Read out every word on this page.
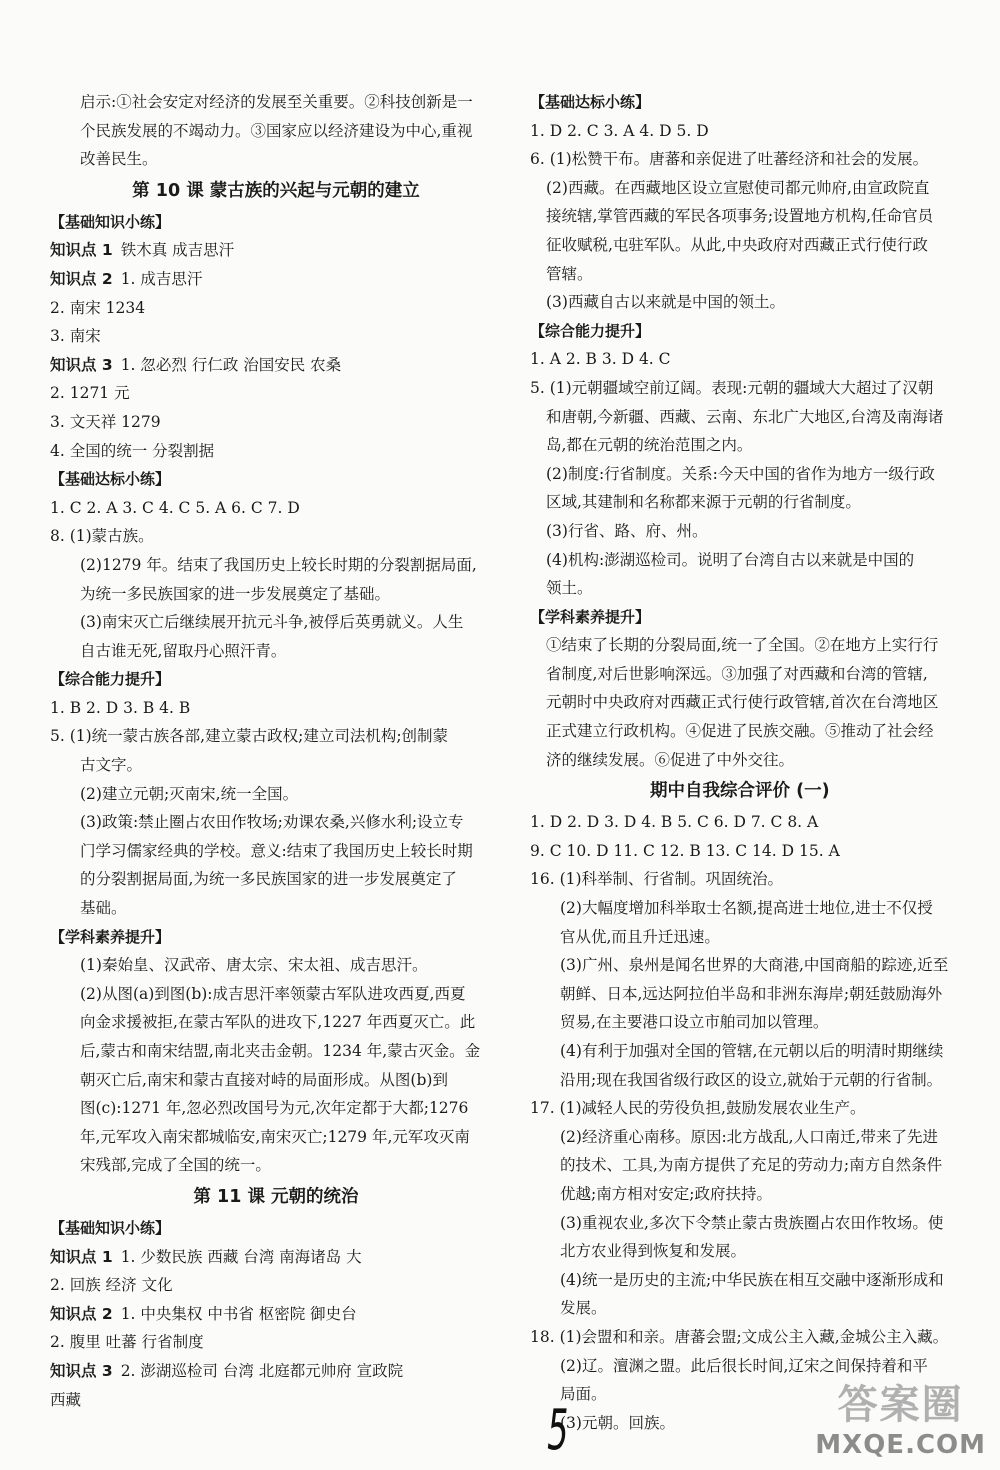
启示:①社会安定对经济的发展至关重要。②科技创新是一
个民族发展的不竭动力。③国家应以经济建设为中心,重视
改善民生。
第 10 课 蒙古族的兴起与元朝的建立
【基础知识小练】
知识点 1 铁木真 成吉思汗
知识点 2 1. 成吉思汗
2. 南宋 1234
3. 南宋
知识点 3 1. 忽必烈 行仁政 治国安民 农桑
2. 1271 元
3. 文天祥 1279
4. 全国的统一 分裂割据
【基础达标小练】
1. C 2. A 3. C 4. C 5. A 6. C 7. D
8. (1)蒙古族。
(2)1279 年。结束了我国历史上较长时期的分裂割据局面,
为统一多民族国家的进一步发展奠定了基础。
(3)南宋灭亡后继续展开抗元斗争,被俘后英勇就义。人生
自古谁无死,留取丹心照汗青。
【综合能力提升】
1. B 2. D 3. B 4. B
5. (1)统一蒙古族各部,建立蒙古政权;建立司法机构;创制蒙
古文字。
(2)建立元朝;灭南宋,统一全国。
(3)政策:禁止圈占农田作牧场;劝课农桑,兴修水利;设立专
门学习儒家经典的学校。意义:结束了我国历史上较长时期
的分裂割据局面,为统一多民族国家的进一步发展奠定了
基础。
【学科素养提升】
(1)秦始皇、汉武帝、唐太宗、宋太祖、成吉思汗。
(2)从图(a)到图(b):成吉思汗率领蒙古军队进攻西夏,西夏
向金求援被拒,在蒙古军队的进攻下,1227 年西夏灭亡。此
后,蒙古和南宋结盟,南北夹击金朝。1234 年,蒙古灭金。金
朝灭亡后,南宋和蒙古直接对峙的局面形成。从图(b)到
图(c):1271 年,忽必烈改国号为元,次年定都于大都;1276
年,元军攻入南宋都城临安,南宋灭亡;1279 年,元军攻灭南
宋残部,完成了全国的统一。
第 11 课 元朝的统治
【基础知识小练】
知识点 1 1. 少数民族 西藏 台湾 南海诸岛 大
2. 回族 经济 文化
知识点 2 1. 中央集权 中书省 枢密院 御史台
2. 腹里 吐蕃 行省制度
知识点 3 2. 澎湖巡检司 台湾 北庭都元帅府 宣政院
西藏
【基础达标小练】
1. D 2. C 3. A 4. D 5. D
6. (1)松赞干布。唐蕃和亲促进了吐蕃经济和社会的发展。
(2)西藏。在西藏地区设立宣慰使司都元帅府,由宣政院直
接统辖,掌管西藏的军民各项事务;设置地方机构,任命官员
征收赋税,屯驻军队。从此,中央政府对西藏正式行使行政
管辖。
(3)西藏自古以来就是中国的领土。
【综合能力提升】
1. A 2. B 3. D 4. C
5. (1)元朝疆域空前辽阔。表现:元朝的疆域大大超过了汉朝
和唐朝,今新疆、西藏、云南、东北广大地区,台湾及南海诸
岛,都在元朝的统治范围之内。
(2)制度:行省制度。关系:今天中国的省作为地方一级行政
区域,其建制和名称都来源于元朝的行省制度。
(3)行省、路、府、州。
(4)机构:澎湖巡检司。说明了台湾自古以来就是中国的
领土。
【学科素养提升】
①结束了长期的分裂局面,统一了全国。②在地方上实行行
省制度,对后世影响深远。③加强了对西藏和台湾的管辖,
元朝时中央政府对西藏正式行使行政管辖,首次在台湾地区
正式建立行政机构。④促进了民族交融。⑤推动了社会经
济的继续发展。⑥促进了中外交往。
期中自我综合评价 (一)
1. D 2. D 3. D 4. B 5. C 6. D 7. C 8. A
9. C 10. D 11. C 12. B 13. C 14. D 15. A
16. (1)科举制、行省制。巩固统治。
(2)大幅度增加科举取士名额,提高进士地位,进士不仅授
官从优,而且升迁迅速。
(3)广州、泉州是闻名世界的大商港,中国商船的踪迹,近至
朝鲜、日本,远达阿拉伯半岛和非洲东海岸;朝廷鼓励海外
贸易,在主要港口设立市舶司加以管理。
(4)有利于加强对全国的管辖,在元朝以后的明清时期继续
沿用;现在我国省级行政区的设立,就始于元朝的行省制。
17. (1)减轻人民的劳役负担,鼓励发展农业生产。
(2)经济重心南移。原因:北方战乱,人口南迁,带来了先进
的技术、工具,为南方提供了充足的劳动力;南方自然条件
优越;南方相对安定;政府扶持。
(3)重视农业,多次下令禁止蒙古贵族圈占农田作牧场。使
北方农业得到恢复和发展。
(4)统一是历史的主流;中华民族在相互交融中逐渐形成和
发展。
18. (1)会盟和和亲。唐蕃会盟;文成公主入藏,金城公主入藏。
(2)辽。澶渊之盟。此后很长时间,辽宋之间保持着和平
局面。
(3)元朝。回族。
5	答案圈
MXQE.COM
